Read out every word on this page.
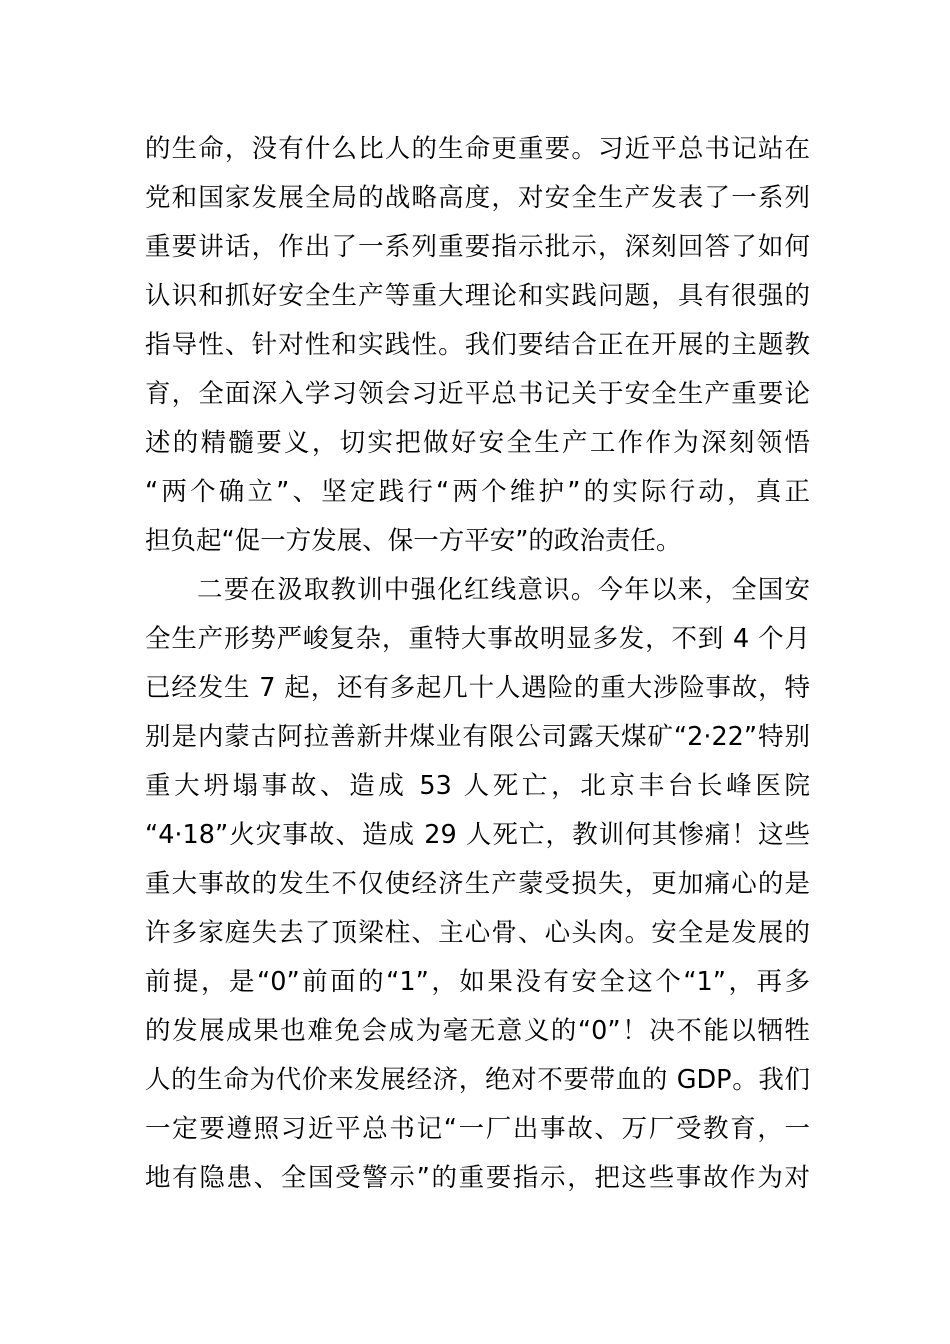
的生命，没有什么比人的生命更重要。习近平总书记站在
党和国家发展全局的战略高度，对安全生产发表了一系列
重要讲话，作出了一系列重要指示批示，深刻回答了如何
认识和抓好安全生产等重大理论和实践问题，具有很强的
指导性、针对性和实践性。我们要结合正在开展的主题教
育，全面深入学习领会习近平总书记关于安全生产重要论
述的精髓要义，切实把做好安全生产工作作为深刻领悟
“两个确立”、坚定践行“两个维护”的实际行动，真正
担负起“促一方发展、保一方平安”的政治责任。
二要在汲取教训中强化红线意识。今年以来，全国安
全生产形势严峻复杂，重特大事故明显多发，不到 4 个月
已经发生 7 起，还有多起几十人遇险的重大涉险事故，特
别是内蒙古阿拉善新井煤业有限公司露天煤矿“2·22”特别
重大坍塌事故、造成 53 人死亡，北京丰台长峰医院
“4·18”火灾事故、造成 29 人死亡，教训何其惨痛！这些
重大事故的发生不仅使经济生产蒙受损失，更加痛心的是
许多家庭失去了顶梁柱、主心骨、心头肉。安全是发展的
前提，是“0”前面的“1”，如果没有安全这个“1”，再多
的发展成果也难免会成为毫无意义的“0”！决不能以牺牲
人的生命为代价来发展经济，绝对不要带血的 GDP。我们
一定要遵照习近平总书记“一厂出事故、万厂受教育，一
地有隐患、全国受警示”的重要指示，把这些事故作为对
